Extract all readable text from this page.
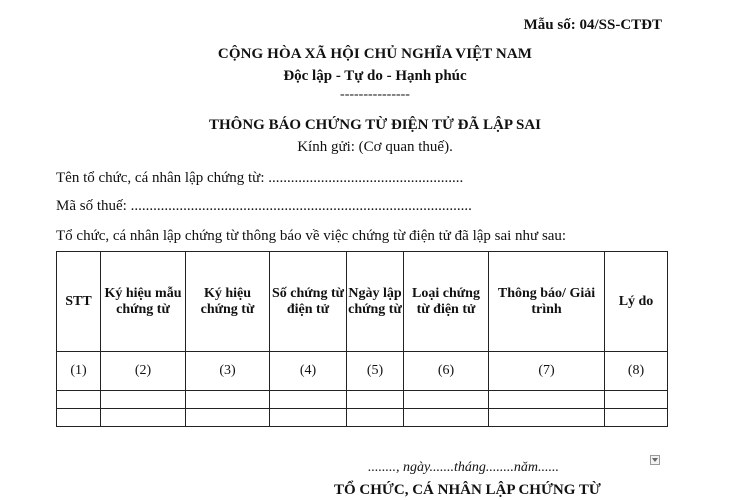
Mẫu số: 04/SS-CTĐT
CỘNG HÒA XÃ HỘI CHỦ NGHĨA VIỆT NAM
Độc lập - Tự do - Hạnh phúc
---------------
THÔNG BÁO CHỨNG TỪ ĐIỆN TỬ ĐÃ LẬP SAI
Kính gửi: (Cơ quan thuế).
Tên tổ chức, cá nhân lập chứng từ: ....................................................
Mã số thuế: ...........................................................................................
Tổ chức, cá nhân lập chứng từ thông báo về việc chứng từ điện tử đã lập sai như sau:
STT	Ký hiệu mẫu chứng từ	Ký hiệu chứng từ	Số chứng từ điện tử	Ngày lập chứng từ	Loại chứng từ điện tử	Thông báo/ Giải trình	Lý do
(1)	(2)	(3)	(4)	(5)	(6)	(7)	(8)

........, ngày.......tháng........năm......
TỔ CHỨC, CÁ NHÂN LẬP CHỨNG TỪ
